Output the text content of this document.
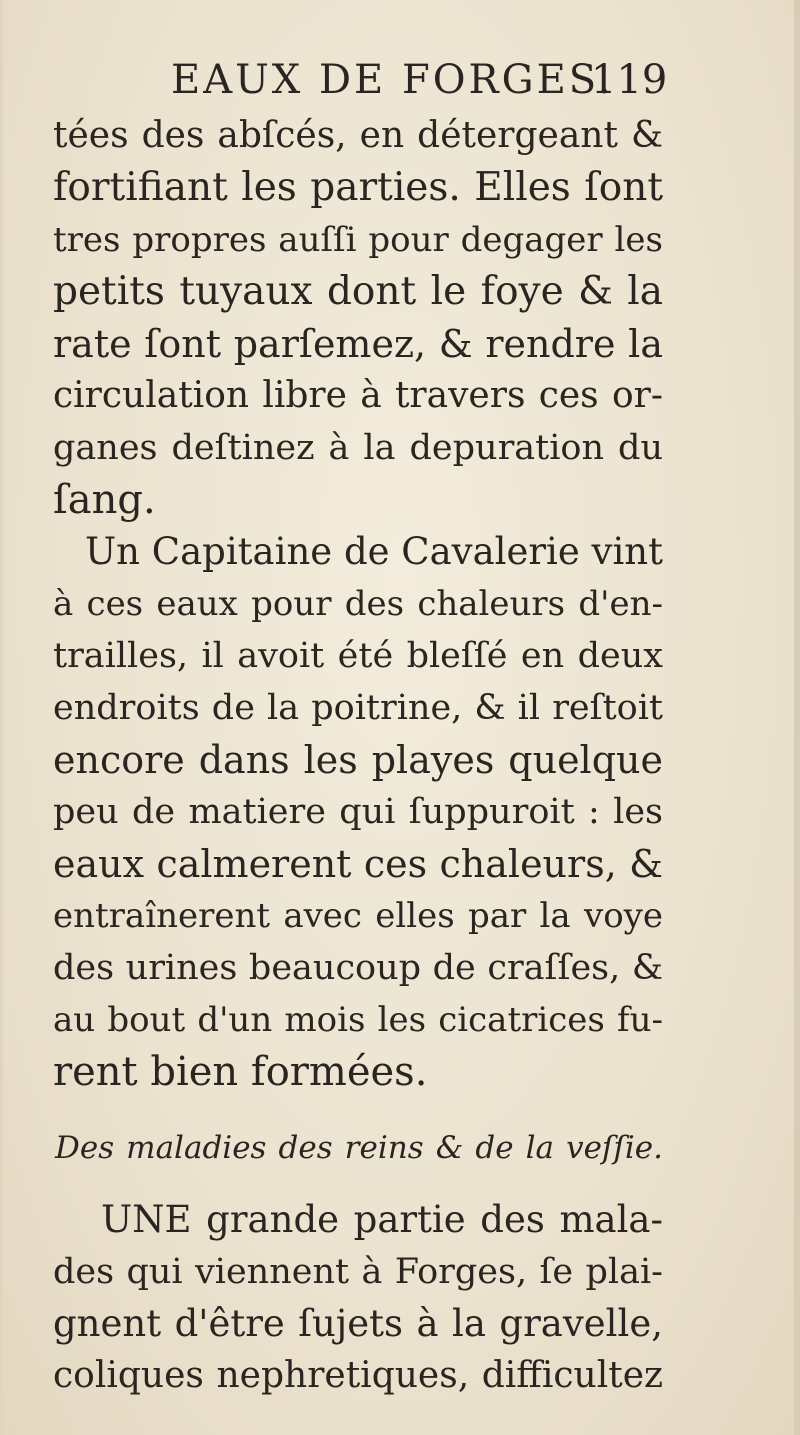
EAUX DE FORGES.
119
tées des abſcés, en détergeant &
fortifiant les parties. Elles ſont
tres propres auſſi pour degager les
petits tuyaux dont le foye & la
rate ſont parſemez, & rendre la
circulation libre à travers ces or-
ganes deſtinez à la depuration du
ſang.
Un Capitaine de Cavalerie vint
à ces eaux pour des chaleurs d'en-
trailles, il avoit été bleſſé en deux
endroits de la poitrine, & il reſtoit
encore dans les playes quelque
peu de matiere qui ſuppuroit : les
eaux calmerent ces chaleurs, &
entraînerent avec elles par la voye
des urines beaucoup de craſſes, &
au bout d'un mois les cicatrices fu-
rent bien formées.
Des maladies des reins & de la veſſie.
UNE grande partie des mala-
des qui viennent à Forges, ſe plai-
gnent d'être ſujets à la gravelle,
coliques nephretiques, difficultez
